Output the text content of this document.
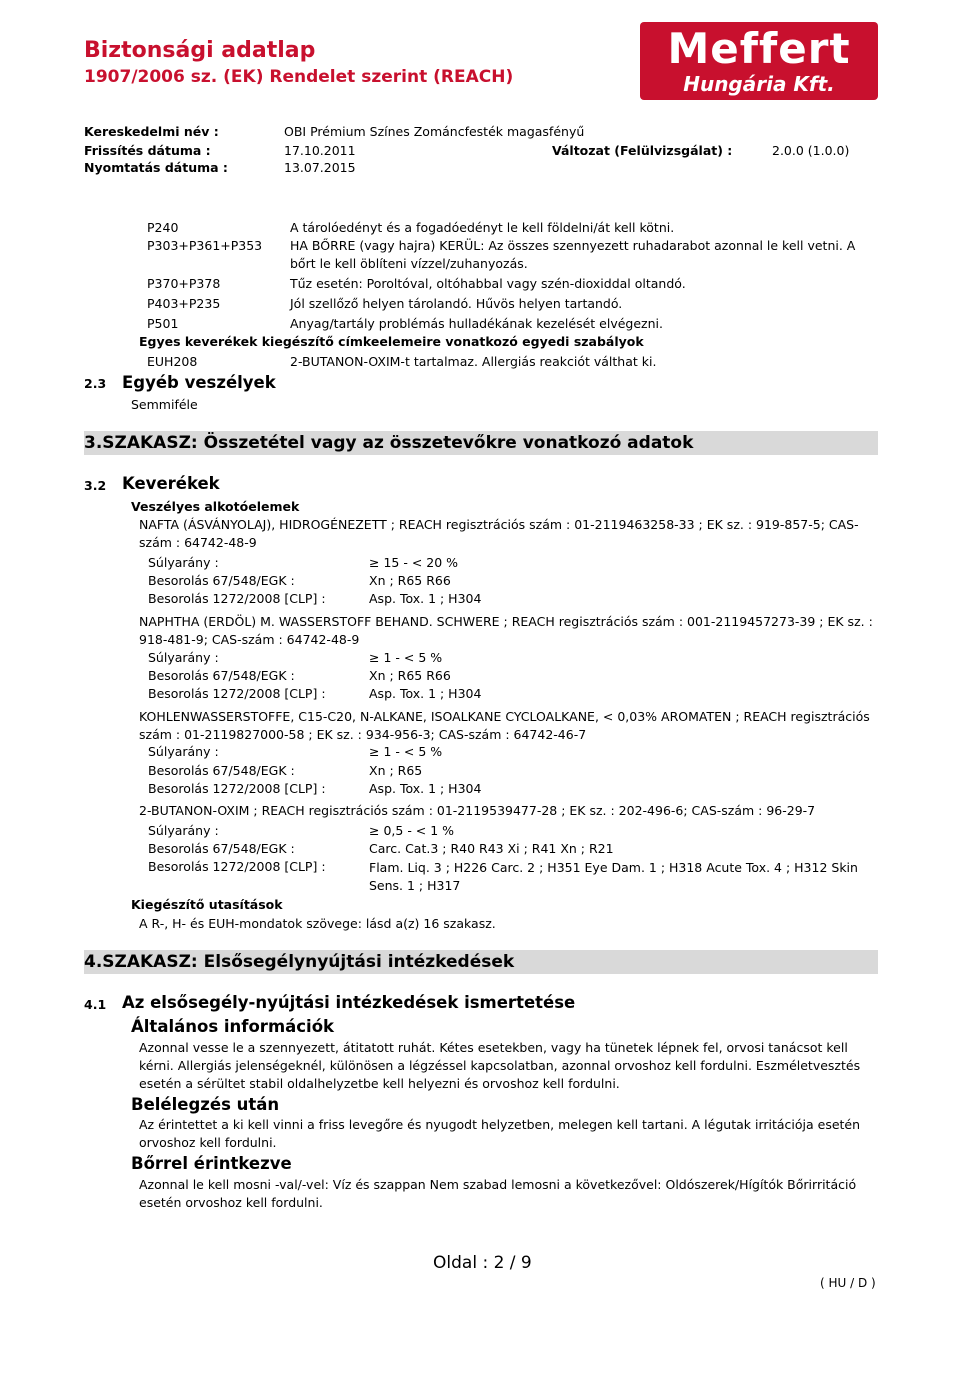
Biztonsági adatlap
1907/2006 sz. (EK) Rendelet szerint (REACH)
Meffert
Hungária Kft.
Kereskedelmi név :	OBI Prémium Színes Zománcfesték magasfényű
Frissítés dátuma :	17.10.2011	Változat (Felülvizsgálat) :	2.0.0 (1.0.0)
Nyomtatás dátuma :	13.07.2015
P240	A tárolóedényt és a fogadóedényt le kell földelni/át kell kötni.
P303+P361+P353 HA BŐRRE (vagy hajra) KERÜL: Az összes szennyezett ruhadarabot azonnal le kell vetni. A bőrt le kell öblíteni vízzel/zuhanyozás.
P370+P378	Tűz esetén: Poroltóval, oltóhabbal vagy szén-dioxiddal oltandó.
P403+P235	Jól szellőző helyen tárolandó. Hűvös helyen tartandó.
P501	Anyag/tartály problémás hulladékának kezelését elvégezni.
Egyes keverékek kiegészítő címkeelemeire vonatkozó egyedi szabályok
EUH208	2-BUTANON-OXIM-t tartalmaz. Allergiás reakciót válthat ki.
2.3 Egyéb veszélyek
Semmiféle
3.SZAKASZ: Összetétel vagy az összetevőkre vonatkozó adatok
3.2 Keverékek
Veszélyes alkotóelemek
NAFTA (ÁSVÁNYOLAJ), HIDROGÉNEZETT ; REACH regisztrációs szám : 01-2119463258-33 ; EK sz. : 919-857-5; CAS-szám : 64742-48-9
Súlyarány :	≥ 15 - < 20 %
Besorolás 67/548/EGK :	Xn ; R65 R66
Besorolás 1272/2008 [CLP] :	Asp. Tox. 1 ; H304
NAPHTHA (ERDÖL) M. WASSERSTOFF BEHAND. SCHWERE ; REACH regisztrációs szám : 001-2119457273-39 ; EK sz. : 918-481-9; CAS-szám : 64742-48-9
Súlyarány :	≥ 1 - < 5 %
Besorolás 67/548/EGK :	Xn ; R65 R66
Besorolás 1272/2008 [CLP] :	Asp. Tox. 1 ; H304
KOHLENWASSERSTOFFE, C15-C20, N-ALKANE, ISOALKANE CYCLOALKANE, < 0,03% AROMATEN ; REACH regisztrációs szám : 01-2119827000-58 ; EK sz. : 934-956-3; CAS-szám : 64742-46-7
Súlyarány :	≥ 1 - < 5 %
Besorolás 67/548/EGK :	Xn ; R65
Besorolás 1272/2008 [CLP] :	Asp. Tox. 1 ; H304
2-BUTANON-OXIM ; REACH regisztrációs szám : 01-2119539477-28 ; EK sz. : 202-496-6; CAS-szám : 96-29-7
Súlyarány :	≥ 0,5 - < 1 %
Besorolás 67/548/EGK :	Carc. Cat.3 ; R40 R43 Xi ; R41 Xn ; R21
Besorolás 1272/2008 [CLP] :	Flam. Liq. 3 ; H226 Carc. 2 ; H351 Eye Dam. 1 ; H318 Acute Tox. 4 ; H312 Skin Sens. 1 ; H317
Kiegészítő utasítások
A R-, H- és EUH-mondatok szövege: lásd a(z) 16 szakasz.
4.SZAKASZ: Elsősegélynyújtási intézkedések
4.1 Az elsősegély-nyújtási intézkedések ismertetése
Általános információk
Azonnal vesse le a szennyezett, átitatott ruhát. Kétes esetekben, vagy ha tünetek lépnek fel, orvosi tanácsot kell kérni. Allergiás jelenségeknél, különösen a légzéssel kapcsolatban, azonnal orvoshoz kell fordulni. Eszméletvesztés esetén a sérültet stabil oldalhelyzetbe kell helyezni és orvoshoz kell fordulni.
Belélegzés után
Az érintettet a ki kell vinni a friss levegőre és nyugodt helyzetben, melegen kell tartani. A légutak irritációja esetén orvoshoz kell fordulni.
Bőrrel érintkezve
Azonnal le kell mosni -val/-vel: Víz és szappan Nem szabad lemosni a következővel: Oldószerek/Hígítók Bőrirritáció esetén orvoshoz kell fordulni.
Oldal : 2 / 9
( HU / D )
